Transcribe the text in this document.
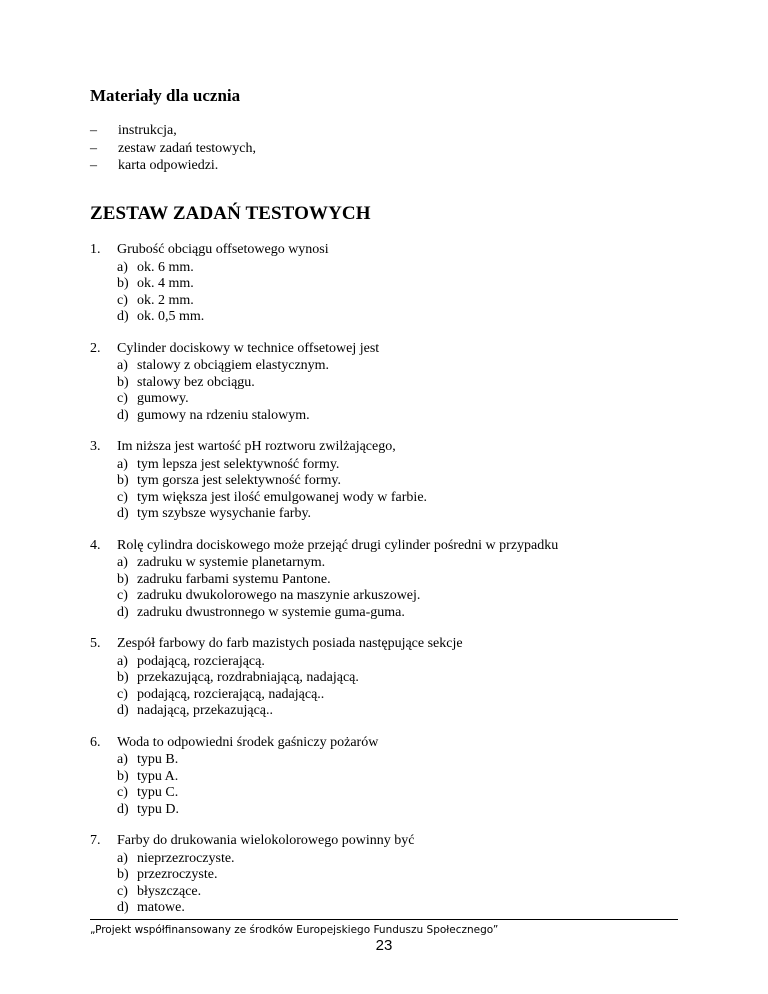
Materiały dla ucznia
–	instrukcja,
–	zestaw zadań testowych,
–	karta odpowiedzi.
ZESTAW ZADAŃ TESTOWYCH
1.	Grubość obciągu offsetowego wynosi
a) ok. 6 mm.
b) ok. 4 mm.
c) ok. 2 mm.
d) ok. 0,5 mm.
2.	Cylinder dociskowy w technice offsetowej jest
a) stalowy z obciągiem elastycznym.
b) stalowy bez obciągu.
c) gumowy.
d) gumowy na rdzeniu stalowym.
3.	Im niższa jest wartość pH roztworu zwilżającego,
a) tym lepsza jest selektywność formy.
b) tym gorsza jest selektywność formy.
c) tym większa jest ilość emulgowanej wody w farbie.
d) tym szybsze wysychanie farby.
4.	Rolę cylindra dociskowego może przejąć drugi cylinder pośredni w przypadku
a) zadruku w systemie planetarnym.
b) zadruku farbami systemu Pantone.
c) zadruku dwukolorowego na maszynie arkuszowej.
d) zadruku dwustronnego w systemie guma-guma.
5.	Zespół farbowy do farb mazistych posiada następujące sekcje
a) podającą, rozcierającą.
b) przekazującą, rozdrabniającą, nadającą.
c) podającą, rozcierającą, nadającą..
d) nadającą, przekazującą..
6.	Woda to odpowiedni środek gaśniczy pożarów
a) typu B.
b) typu A.
c) typu C.
d) typu D.
7.	Farby do drukowania wielokolorowego powinny być
a) nieprzezroczyste.
b) przezroczyste.
c) błyszczące.
d) matowe.
„Projekt współfinansowany ze środków Europejskiego Funduszu Społecznego”
23
